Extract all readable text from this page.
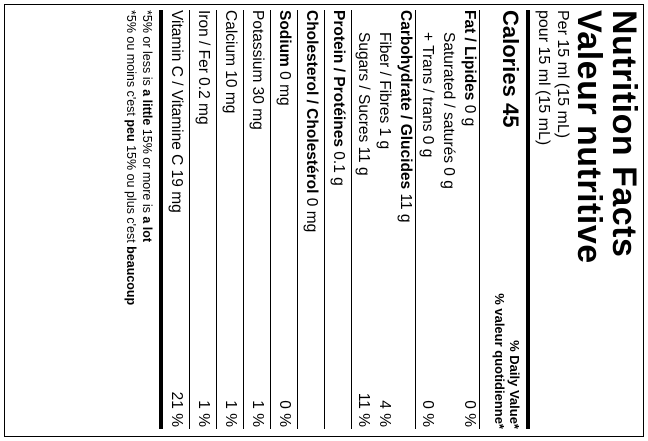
Nutrition Facts
Valeur nutritive
Per 15 ml (15 mL)
pour 15 ml (15 mL)
Calories 45
% Daily Value*
% valeur quotidienne*
Fat / Lipides 0 g
0 %
Saturated / saturés 0 g
+ Trans / trans 0 g
0 %
Carbohydrate / Glucides 11 g
Fiber / Fibres 1 g
4 %
Sugars / Sucres 11 g
11 %
Protein / Protéines 0.1 g
Cholesterol / Cholestérol 0 mg
Sodium 0 mg
0 %
Potassium 30 mg
1 %
Calcium 10 mg
1 %
Iron / Fer 0.2 mg
1 %
Vitamin C / Vitamine C 19 mg
21 %
*5% or less is a little 15% or more is a lot
*5% ou moins c'est peu 15% ou plus c'est beaucoup
